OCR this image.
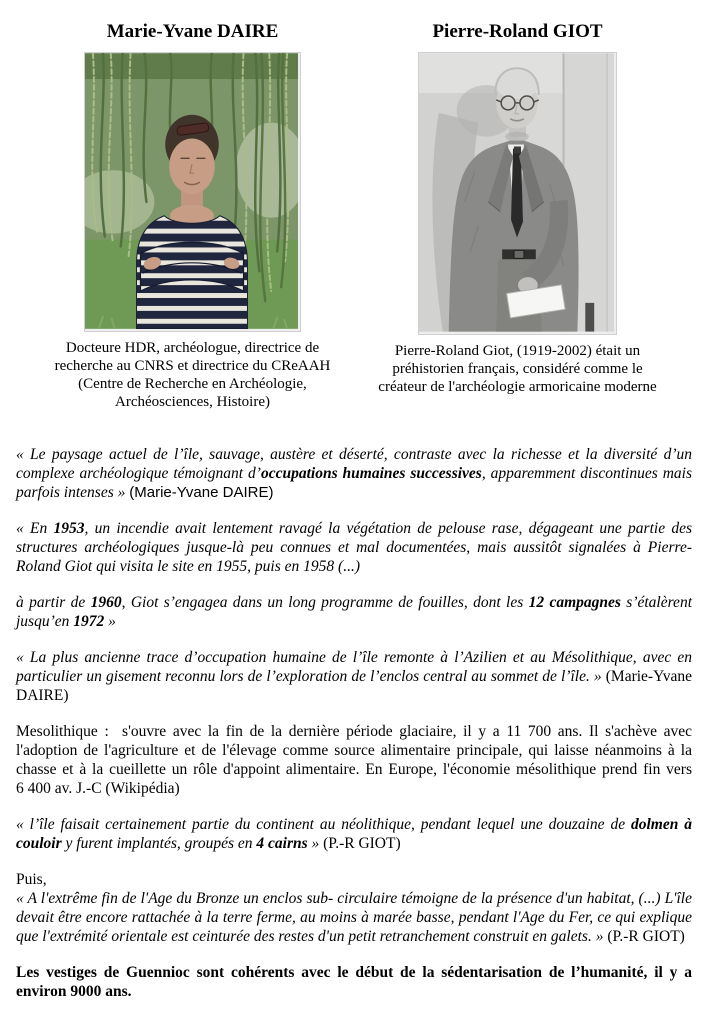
Marie-Yvane DAIRE

Docteure HDR, archéologue, directrice de recherche au CNRS et directrice du CReAAH (Centre de Recherche en Archéologie, Archéosciences, Histoire)

Pierre-Roland GIOT

Pierre-Roland Giot, (1919-2002) était un préhistorien français, considéré comme le créateur de l'archéologie armoricaine moderne

« Le paysage actuel de l’île, sauvage, austère et déserté, contraste avec la richesse et la diversité d’un complexe archéologique témoignant d’occupations humaines successives, apparemment discontinues mais parfois intenses » (Marie-Yvane DAIRE)

« En 1953, un incendie avait lentement ravagé la végétation de pelouse rase, dégageant une partie des structures archéologiques jusque-là peu connues et mal documentées, mais aussitôt signalées à Pierre-Roland Giot qui visita le site en 1955, puis en 1958 (...)

à partir de 1960, Giot s’engagea dans un long programme de fouilles, dont les 12 campagnes s’étalèrent jusqu’en 1972 »

« La plus ancienne trace d’occupation humaine de l’île remonte à l’Azilien et au Mésolithique, avec en particulier un gisement reconnu lors de l’exploration de l’enclos central au sommet de l’île. » (Marie-Yvane DAIRE)

Mesolithique :  s'ouvre avec la fin de la dernière période glaciaire, il y a 11 700 ans. Il s'achève avec l'adoption de l'agriculture et de l'élevage comme source alimentaire principale, qui laisse néanmoins à la chasse et à la cueillette un rôle d'appoint alimentaire. En Europe, l'économie mésolithique prend fin vers 6 400 av. J.-C (Wikipédia)

« l’île faisait certainement partie du continent au néolithique, pendant lequel une douzaine de dolmen à couloir y furent implantés, groupés en 4 cairns » (P.-R GIOT)

Puis,
« A l'extrême fin de l'Age du Bronze un enclos sub- circulaire témoigne de la présence d'un habitat, (...) L'île devait être encore rattachée à la terre ferme, au moins à marée basse, pendant l'Age du Fer, ce qui explique que l'extrémité orientale est ceinturée des restes d'un petit retranchement construit en galets. » (P.-R GIOT)

Les vestiges de Guennioc sont cohérents avec le début de la sédentarisation de l’humanité, il y a environ 9000 ans.
